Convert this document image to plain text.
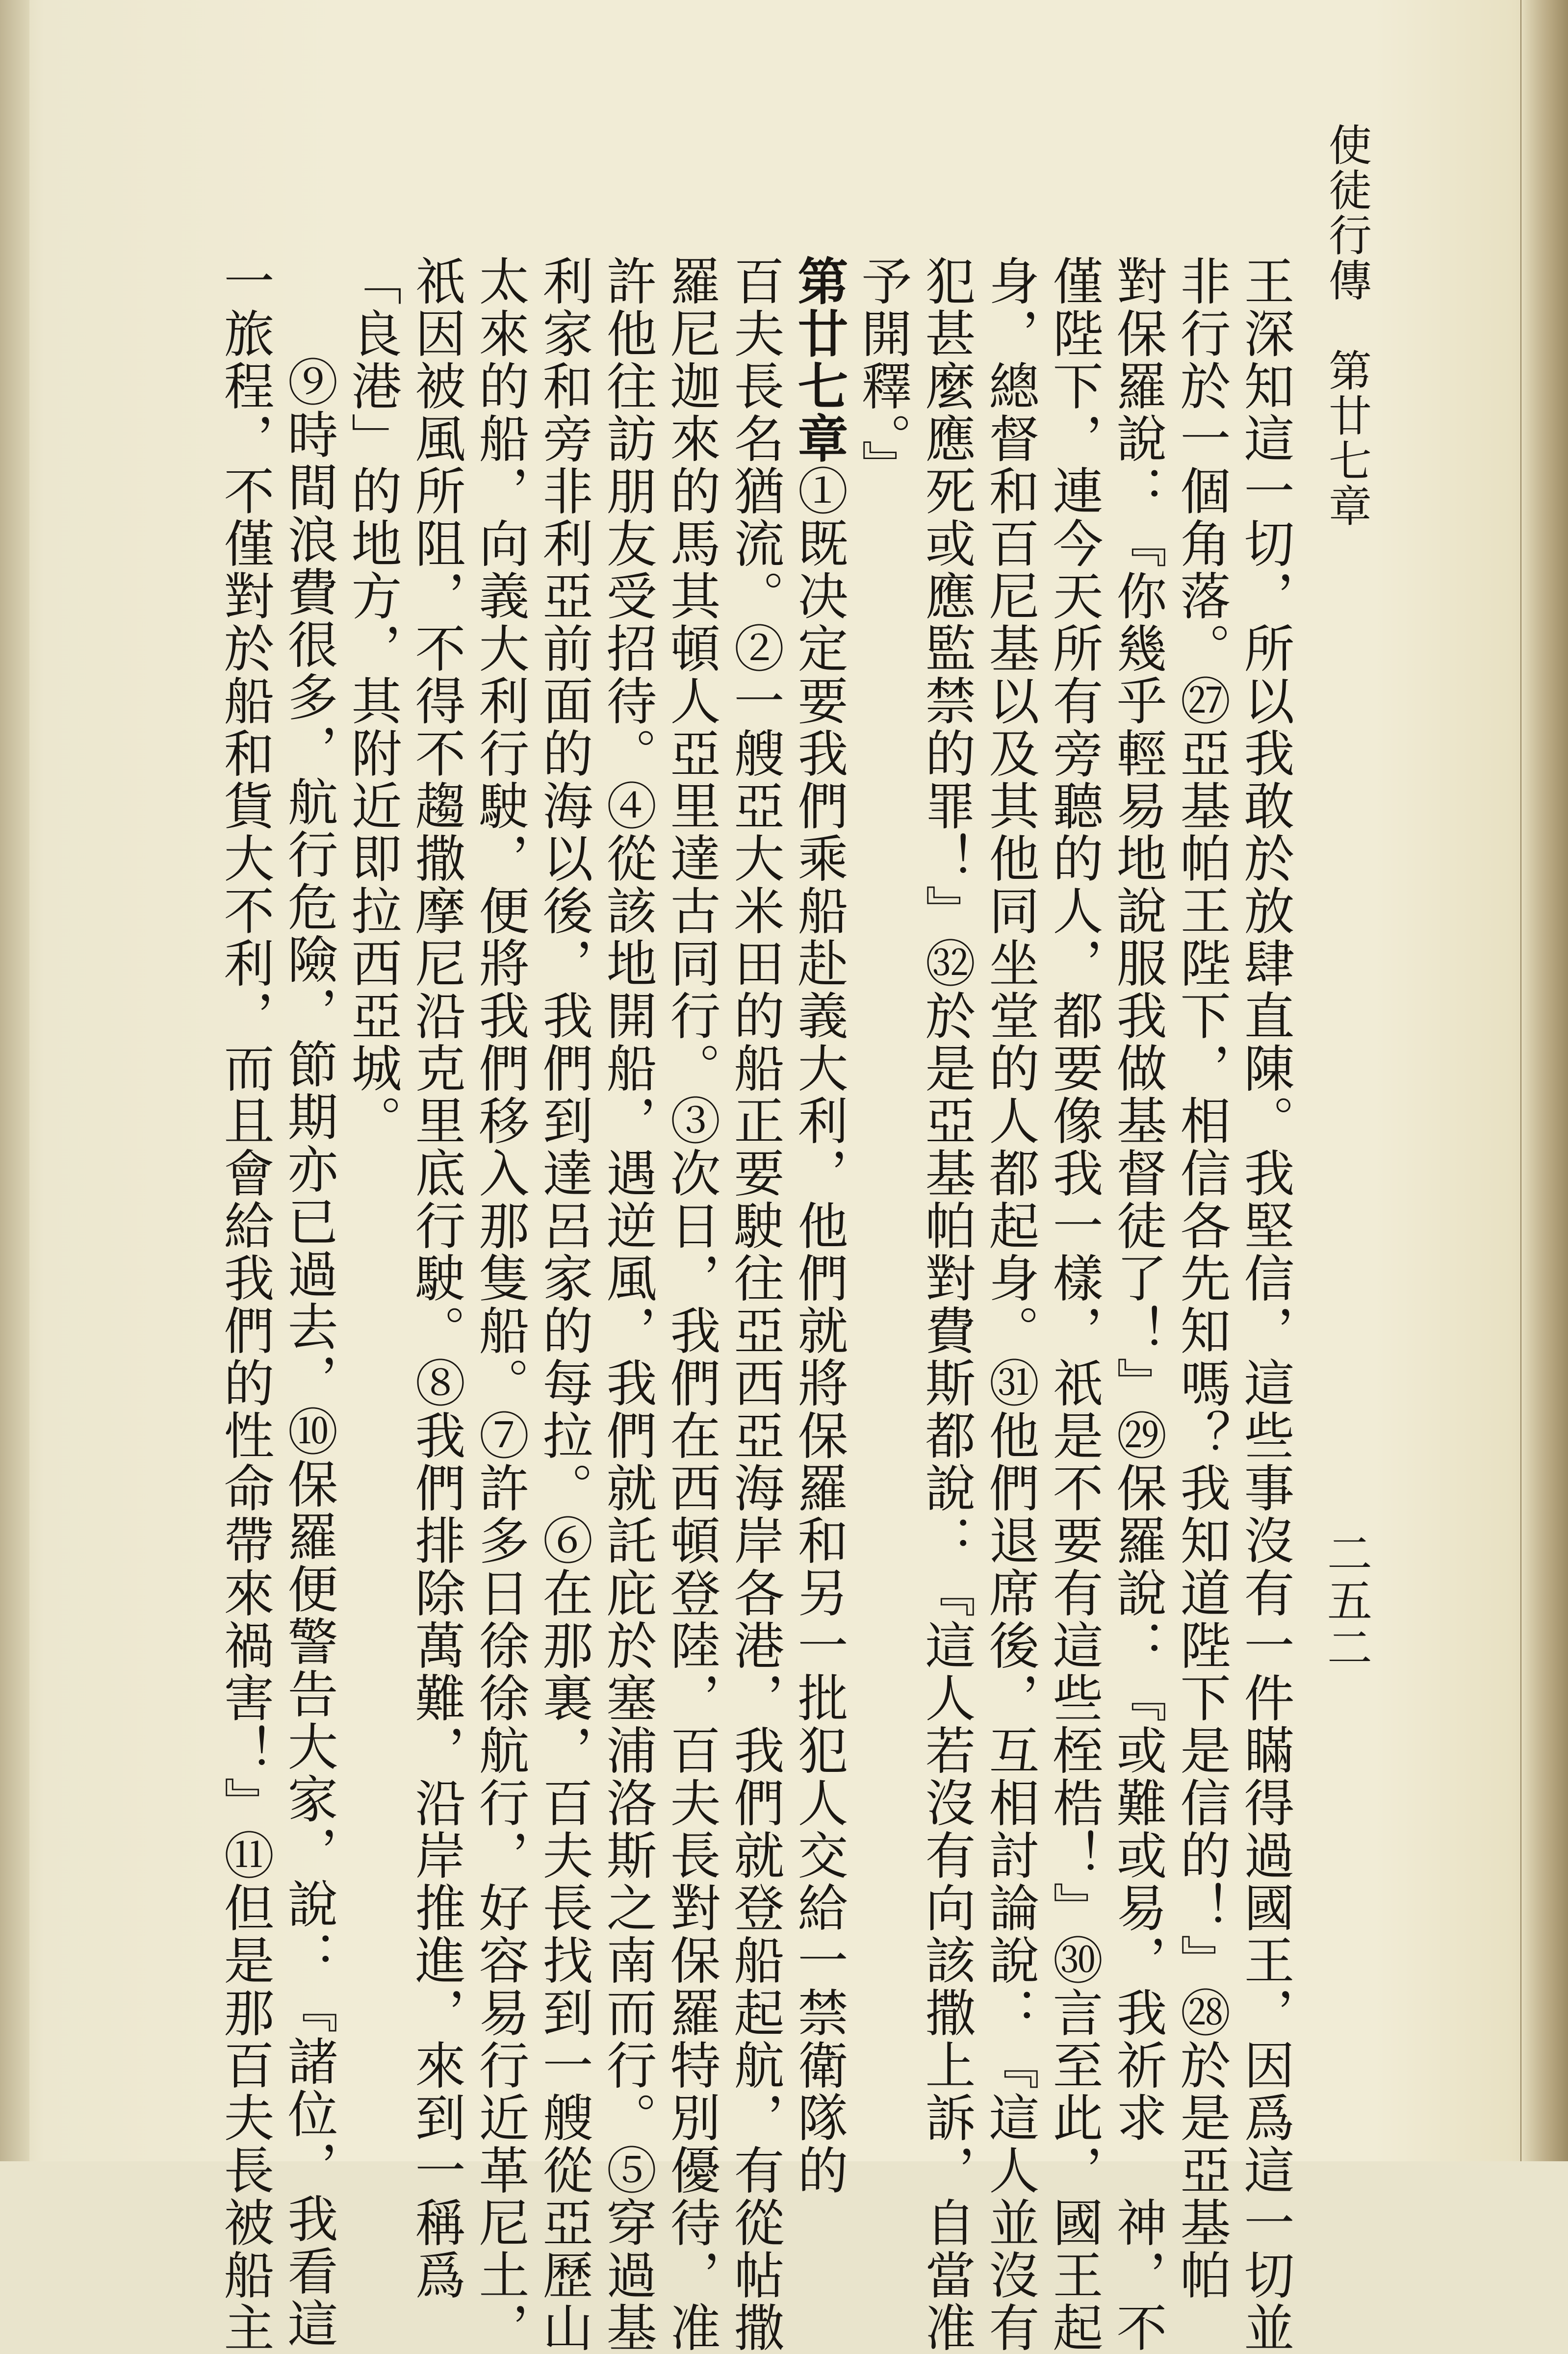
使徒行傳　第廿七章

二五二

王深知這一切，所以我敢於放肆直陳。我堅信，這些事沒有一件瞞得過國王，因爲這一切並

非行於一個角落。㉗亞基帕王陛下，相信各先知嗎？我知道陛下是信的！』㉘於是亞基帕

對保羅說：『你幾乎輕易地說服我做基督徒了！』㉙保羅說：『或難或易，我祈求　神，不

僅陛下，連今天所有旁聽的人，都要像我一樣，祇是不要有這些桎梏！』㉚言至此，國王起

身，總督和百尼基以及其他同坐堂的人都起身。㉛他們退席後，互相討論說：『這人並沒有

犯甚麼應死或應監禁的罪！』㉜於是亞基帕對費斯都說：『這人若沒有向該撒上訴，自當准

予開釋。』

第廿七章①既决定要我們乘船赴義大利，他們就將保羅和另一批犯人交給一禁衛隊的

百夫長名猶流。②一艘亞大米田的船正要駛往亞西亞海岸各港，我們就登船起航，有從帖撒

羅尼迦來的馬其頓人亞里達古同行。③次日，我們在西頓登陸，百夫長對保羅特別優待，准

許他往訪朋友受招待。④從該地開船，遇逆風，我們就託庇於塞浦洛斯之南而行。⑤穿過基

利家和旁非利亞前面的海以後，我們到達呂家的每拉。⑥在那裏，百夫長找到一艘從亞歷山

太來的船，向義大利行駛，便將我們移入那隻船。⑦許多日徐徐航行，好容易行近革尼土，

祇因被風所阻，不得不趨撒摩尼沿克里底行駛。⑧我們排除萬難，沿岸推進，來到一稱爲

「良港」的地方，其附近即拉西亞城。

⑨時間浪費很多，航行危險，節期亦已過去，⑩保羅便警告大家，說：『諸位，我看這

一旅程，不僅對於船和貨大不利，而且會給我們的性命帶來禍害！』⑪但是那百夫長被船主
